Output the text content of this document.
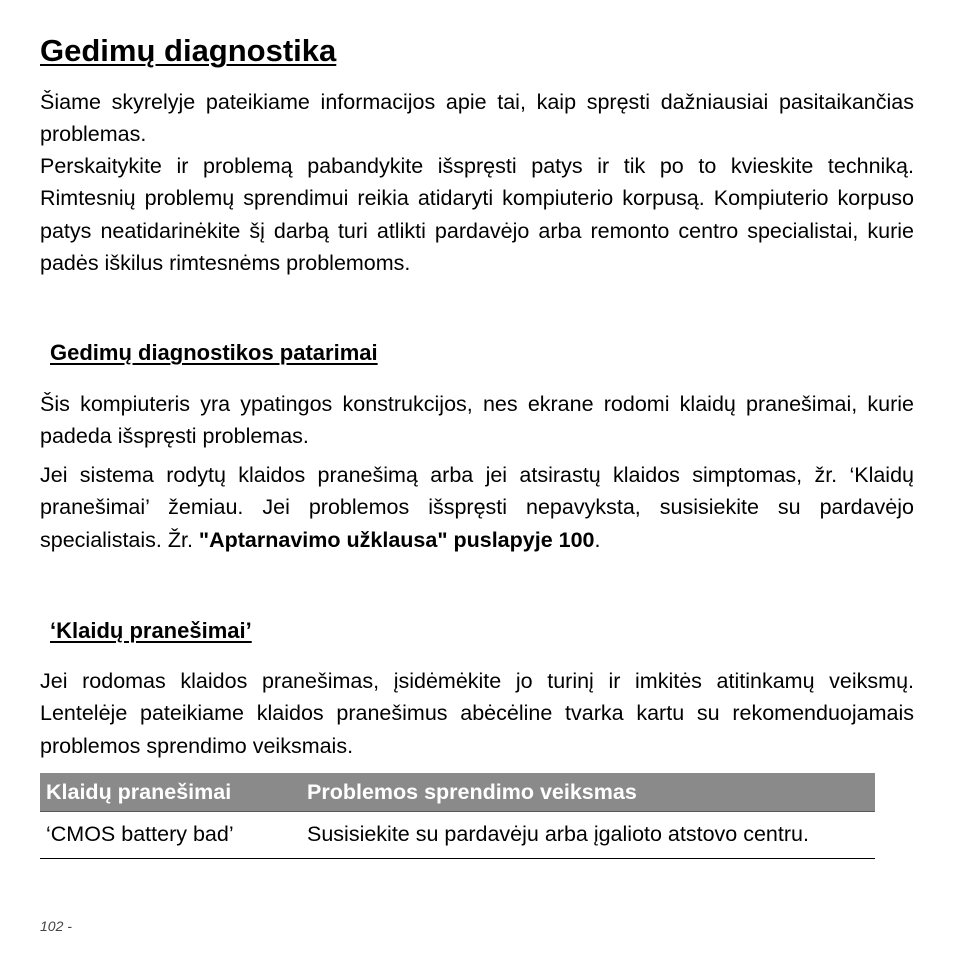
Gedimų diagnostika

Šiame skyrelyje pateikiame informacijos apie tai, kaip spręsti dažniausiai pasitaikančias problemas.

Perskaitykite ir problemą pabandykite išspręsti patys ir tik po to kvieskite techniką. Rimtesnių problemų sprendimui reikia atidaryti kompiuterio korpusą. Kompiuterio korpuso patys neatidarinėkite šį darbą turi atlikti pardavėjo arba remonto centro specialistai, kurie padės iškilus rimtesnėms problemoms.

Gedimų diagnostikos patarimai

Šis kompiuteris yra ypatingos konstrukcijos, nes ekrane rodomi klaidų pranešimai, kurie padeda išspręsti problemas.

Jei sistema rodytų klaidos pranešimą arba jei atsirastų klaidos simptomas, žr. ‘Klaidų pranešimai’ žemiau. Jei problemos išspręsti nepavyksta, susisiekite su pardavėjo specialistais. Žr. "Aptarnavimo užklausa" puslapyje 100.

‘Klaidų pranešimai’

Jei rodomas klaidos pranešimas, įsidėmėkite jo turinį ir imkitės atitinkamų veiksmų. Lentelėje pateikiame klaidos pranešimus abėcėline tvarka kartu su rekomenduojamais problemos sprendimo veiksmais.

Klaidų pranešimai	Problemos sprendimo veiksmas
‘CMOS battery bad’	Susisiekite su pardavėju arba įgalioto atstovo centru.
102 -
